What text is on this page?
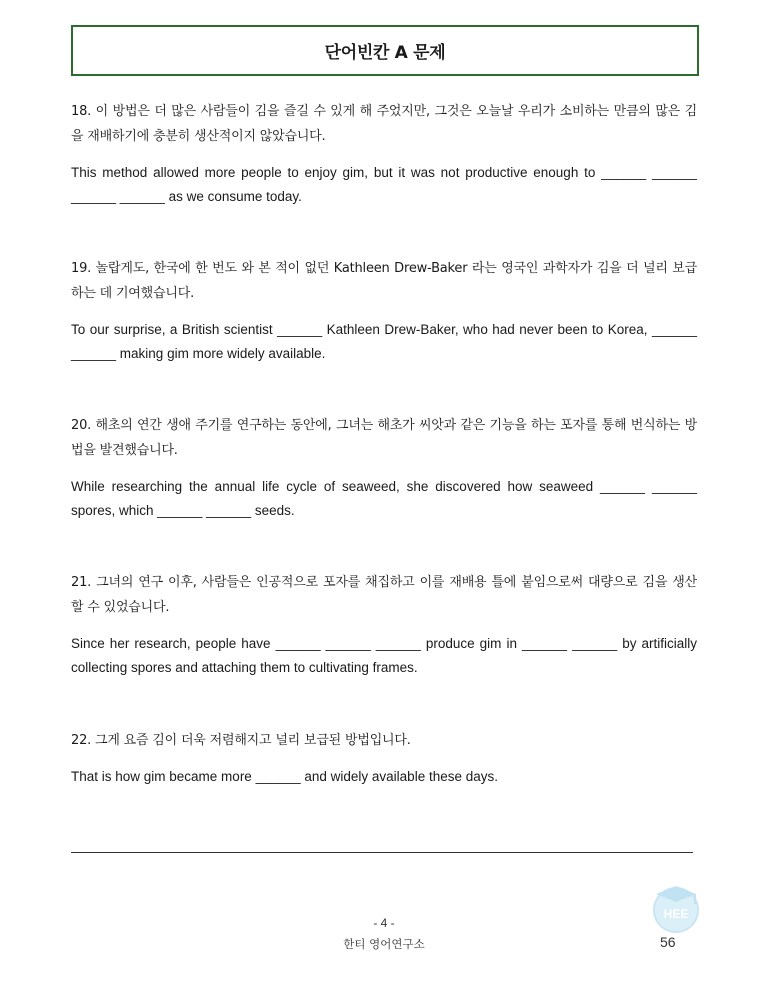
단어빈칸 A 문제
18. 이 방법은 더 많은 사람들이 김을 즐길 수 있게 해 주었지만, 그것은 오늘날 우리가 소비하는 만큼의 많은 김을 재배하기에 충분히 생산적이지 않았습니다.
This method allowed more people to enjoy gim, but it was not productive enough to ______ ______ ______ ______ as we consume today.
19. 놀랍게도, 한국에 한 번도 와 본 적이 없던 Kathleen Drew-Baker 라는 영국인 과학자가 김을 더 널리 보급하는 데 기여했습니다.
To our surprise, a British scientist ______ Kathleen Drew-Baker, who had never been to Korea, ______ ______ making gim more widely available.
20. 해초의 연간 생애 주기를 연구하는 동안에, 그녀는 해초가 씨앗과 같은 기능을 하는 포자를 통해 번식하는 방법을 발견했습니다.
While researching the annual life cycle of seaweed, she discovered how seaweed ______ ______ spores, which ______ ______ seeds.
21. 그녀의 연구 이후, 사람들은 인공적으로 포자를 채집하고 이를 재배용 틀에 붙임으로써 대량으로 김을 생산 할 수 있었습니다.
Since her research, people have ______ ______ ______ produce gim in ______ ______ by artificially collecting spores and attaching them to cultivating frames.
22. 그게 요즘 김이 더욱 저렴해지고 널리 보급된 방법입니다.
That is how gim became more ______ and widely available these days.
HEE
- 4 -
한티 영어연구소	56
